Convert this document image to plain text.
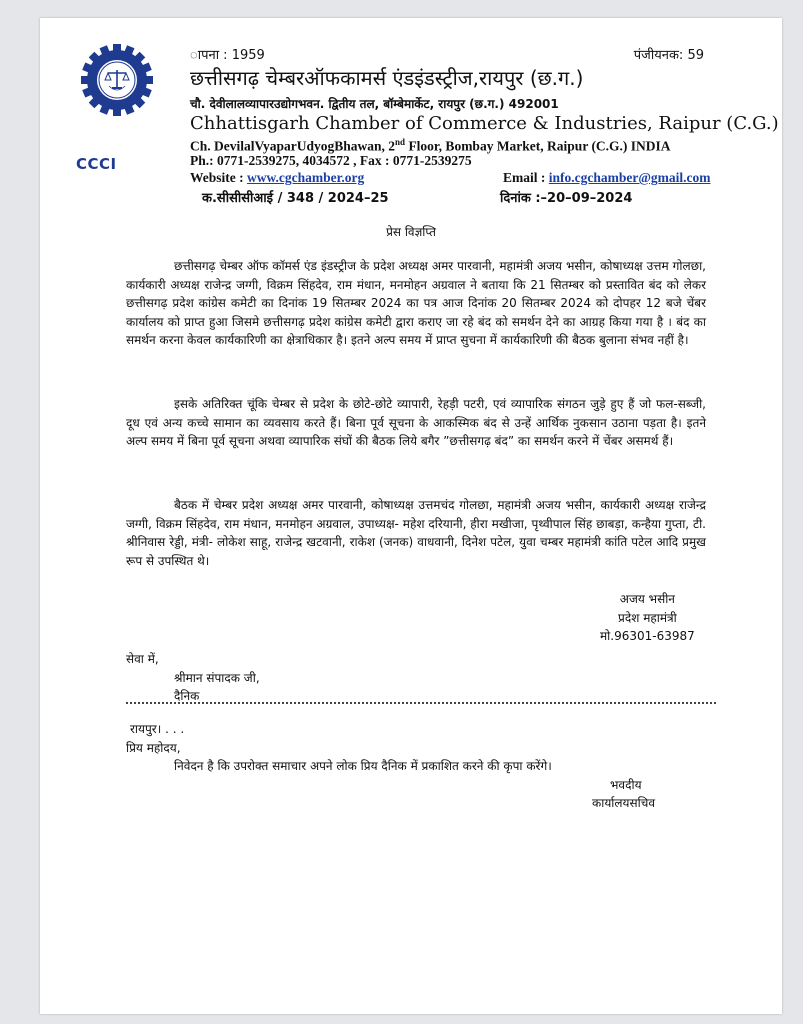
CCCI
ापना : 1959	पंजीयनक: 59
छत्तीसगढ़ चेम्बरऑफकामर्स एंडइंडस्ट्रीज,रायपुर (छ.ग.)
चौ. देवीलालव्यापारउद्योगभवन. द्वितीय तल, बॉम्बेमार्केट, रायपुर (छ.ग.) 492001
Chhattisgarh Chamber of Commerce & Industries, Raipur (C.G.)
Ch. DevilalVyaparUdyogBhawan, 2nd Floor, Bombay Market, Raipur (C.G.) INDIA
Ph.: 0771-2539275, 4034572 , Fax : 0771-2539275
Website : www.cgchamber.org	Email : info.cgchamber@gmail.com
क.सीसीसीआई / 348 / 2024–25	दिनांक :–20–09–2024
प्रेस विज्ञप्ति
छत्तीसगढ़ चेम्बर ऑफ कॉमर्स एंड इंडस्ट्रीज के प्रदेश अध्यक्ष अमर पारवानी, महामंत्री अजय भसीन, कोषाध्यक्ष उत्तम गोलछा, कार्यकारी अध्यक्ष राजेन्द्र जग्गी, विक्रम सिंहदेव, राम मंधान, मनमोहन अग्रवाल ने बताया कि 21 सितम्बर को प्रस्तावित बंद को लेकर छत्तीसगढ़ प्रदेश कांग्रेस कमेटी का दिनांक 19 सितम्बर 2024 का पत्र आज दिनांक 20 सितम्बर 2024 को दोपहर 12 बजे चेंबर कार्यालय को प्राप्त हुआ जिसमे छत्तीसगढ़ प्रदेश कांग्रेस कमेटी द्वारा कराए जा रहे बंद को समर्थन देने का आग्रह किया गया है । बंद का समर्थन करना केवल कार्यकारिणी का क्षेत्राधिकार है। इतने अल्प समय में प्राप्त सुचना में कार्यकारिणी की बैठक बुलाना संभव नहीं है।
इसके अतिरिक्त चूंकि चेम्बर से प्रदेश के छोटे-छोटे व्यापारी, रेहड़ी पटरी, एवं व्यापारिक संगठन जुड़े हुए हैं जो फल-सब्जी, दूध एवं अन्य कच्चे सामान का व्यवसाय करते हैं। बिना पूर्व सूचना के आकस्मिक बंद से उन्हें आर्थिक नुकसान उठाना पड़ता है। इतने अल्प समय में बिना पूर्व सूचना अथवा व्यापारिक संघों की बैठक लिये बगैर ”छत्तीसगढ़ बंद” का समर्थन करने में चेंबर असमर्थ हैं।
बैठक में चेम्बर प्रदेश अध्यक्ष अमर पारवानी, कोषाध्यक्ष उत्तमचंद गोलछा, महामंत्री अजय भसीन, कार्यकारी अध्यक्ष राजेन्द्र जग्गी, विक्रम सिंहदेव, राम मंधान, मनमोहन अग्रवाल, उपाध्यक्ष- महेश दरियानी, हीरा मखीजा, पृथ्वीपाल सिंह छाबड़ा, कन्हैया गुप्ता, टी. श्रीनिवास रेड्डी, मंत्री- लोकेश साहू, राजेन्द्र खटवानी, राकेश (जनक) वाधवानी, दिनेश पटेल, युवा चम्बर महामंत्री कांति पटेल आदि प्रमुख रूप से उपस्थित थे।
अजय भसीन
प्रदेश महामंत्री
मो.96301-63987
सेवा में,
श्रीमान संपादक जी,
दैनिक
रायपुर। . . .
प्रिय महोदय,
निवेदन है कि उपरोक्त समाचार अपने लोक प्रिय दैनिक में प्रकाशित करने की कृपा करेंगे।
भवदीय
कार्यालयसचिव
